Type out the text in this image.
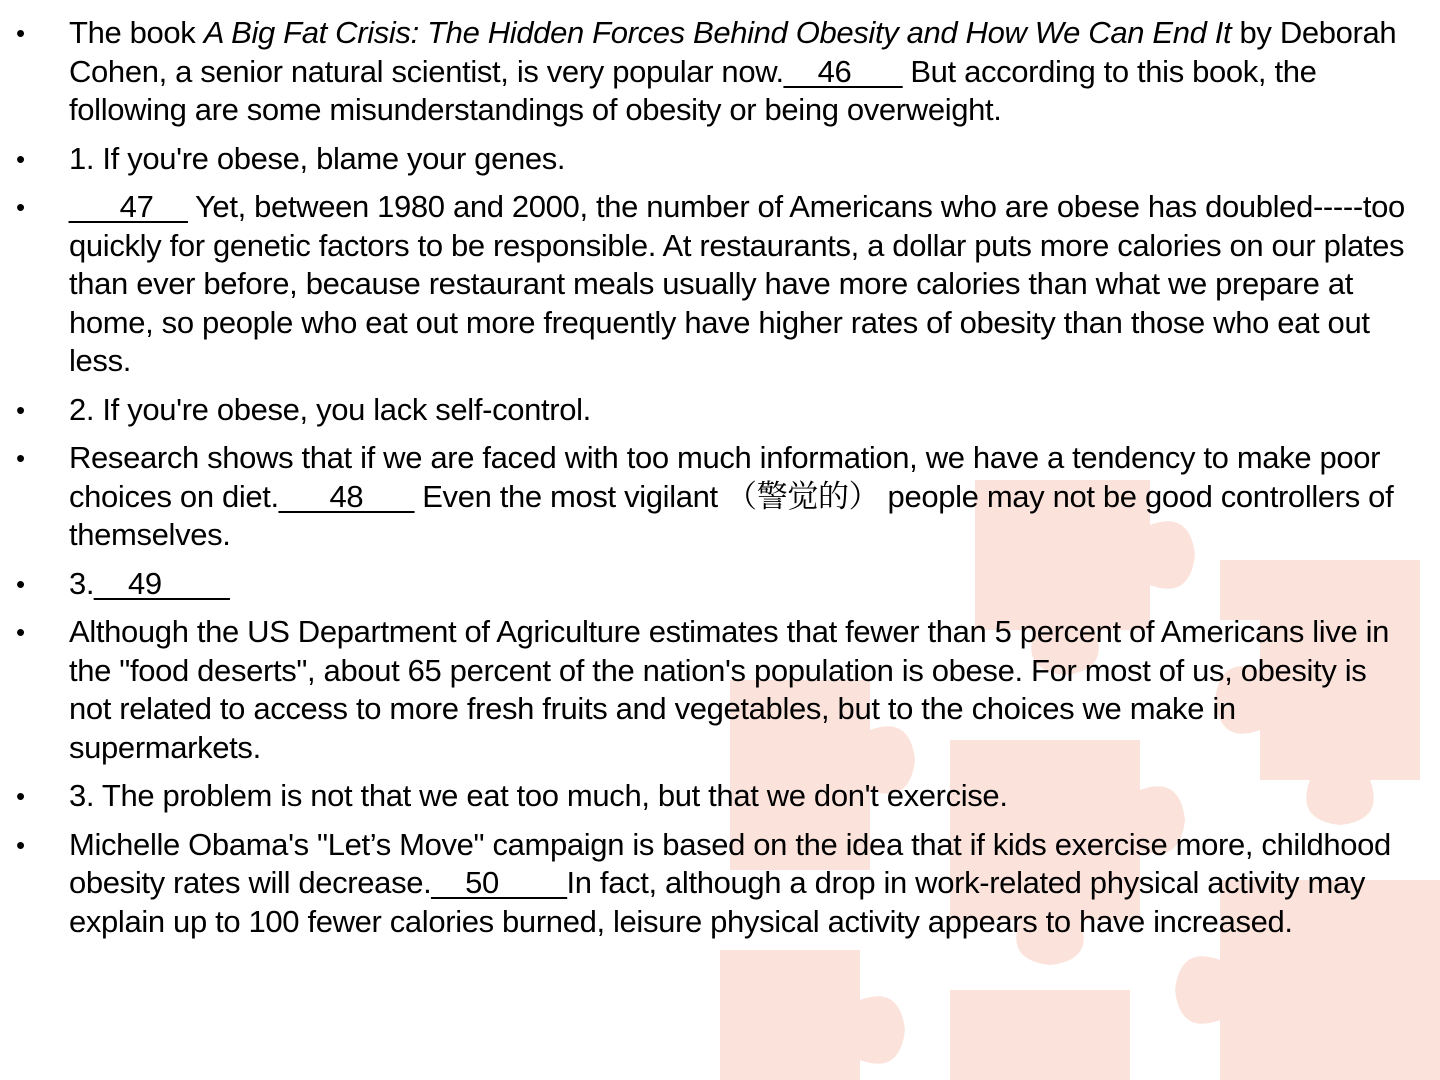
• The book A Big Fat Crisis: The Hidden Forces Behind Obesity and How We Can End It by Deborah Cohen, a senior natural scientist, is very popular now.__46___ But according to this book, the following are some misunderstandings of obesity or being overweight.
• 1. If you're obese, blame your genes.
• ___47__ Yet, between 1980 and 2000, the number of Americans who are obese has doubled-----too quickly for genetic factors to be responsible. At restaurants, a dollar puts more calories on our plates than ever before, because restaurant meals usually have more calories than what we prepare at home, so people who eat out more frequently have higher rates of obesity than those who eat out less.
• 2. If you're obese, you lack self-control.
• Research shows that if we are faced with too much information, we have a tendency to make poor choices on diet.___48___ Even the most vigilant （警觉的） people may not be good controllers of themselves.
• 3.__49____
• Although the US Department of Agriculture estimates that fewer than 5 percent of Americans live in the "food deserts", about 65 percent of the nation's population is obese. For most of us, obesity is not related to access to more fresh fruits and vegetables, but to the choices we make in supermarkets.
• 3. The problem is not that we eat too much, but that we don't exercise.
• Michelle Obama's "Let’s Move" campaign is based on the idea that if kids exercise more, childhood obesity rates will decrease.__50____In fact, although a drop in work-related physical activity may explain up to 100 fewer calories burned, leisure physical activity appears to have increased.
